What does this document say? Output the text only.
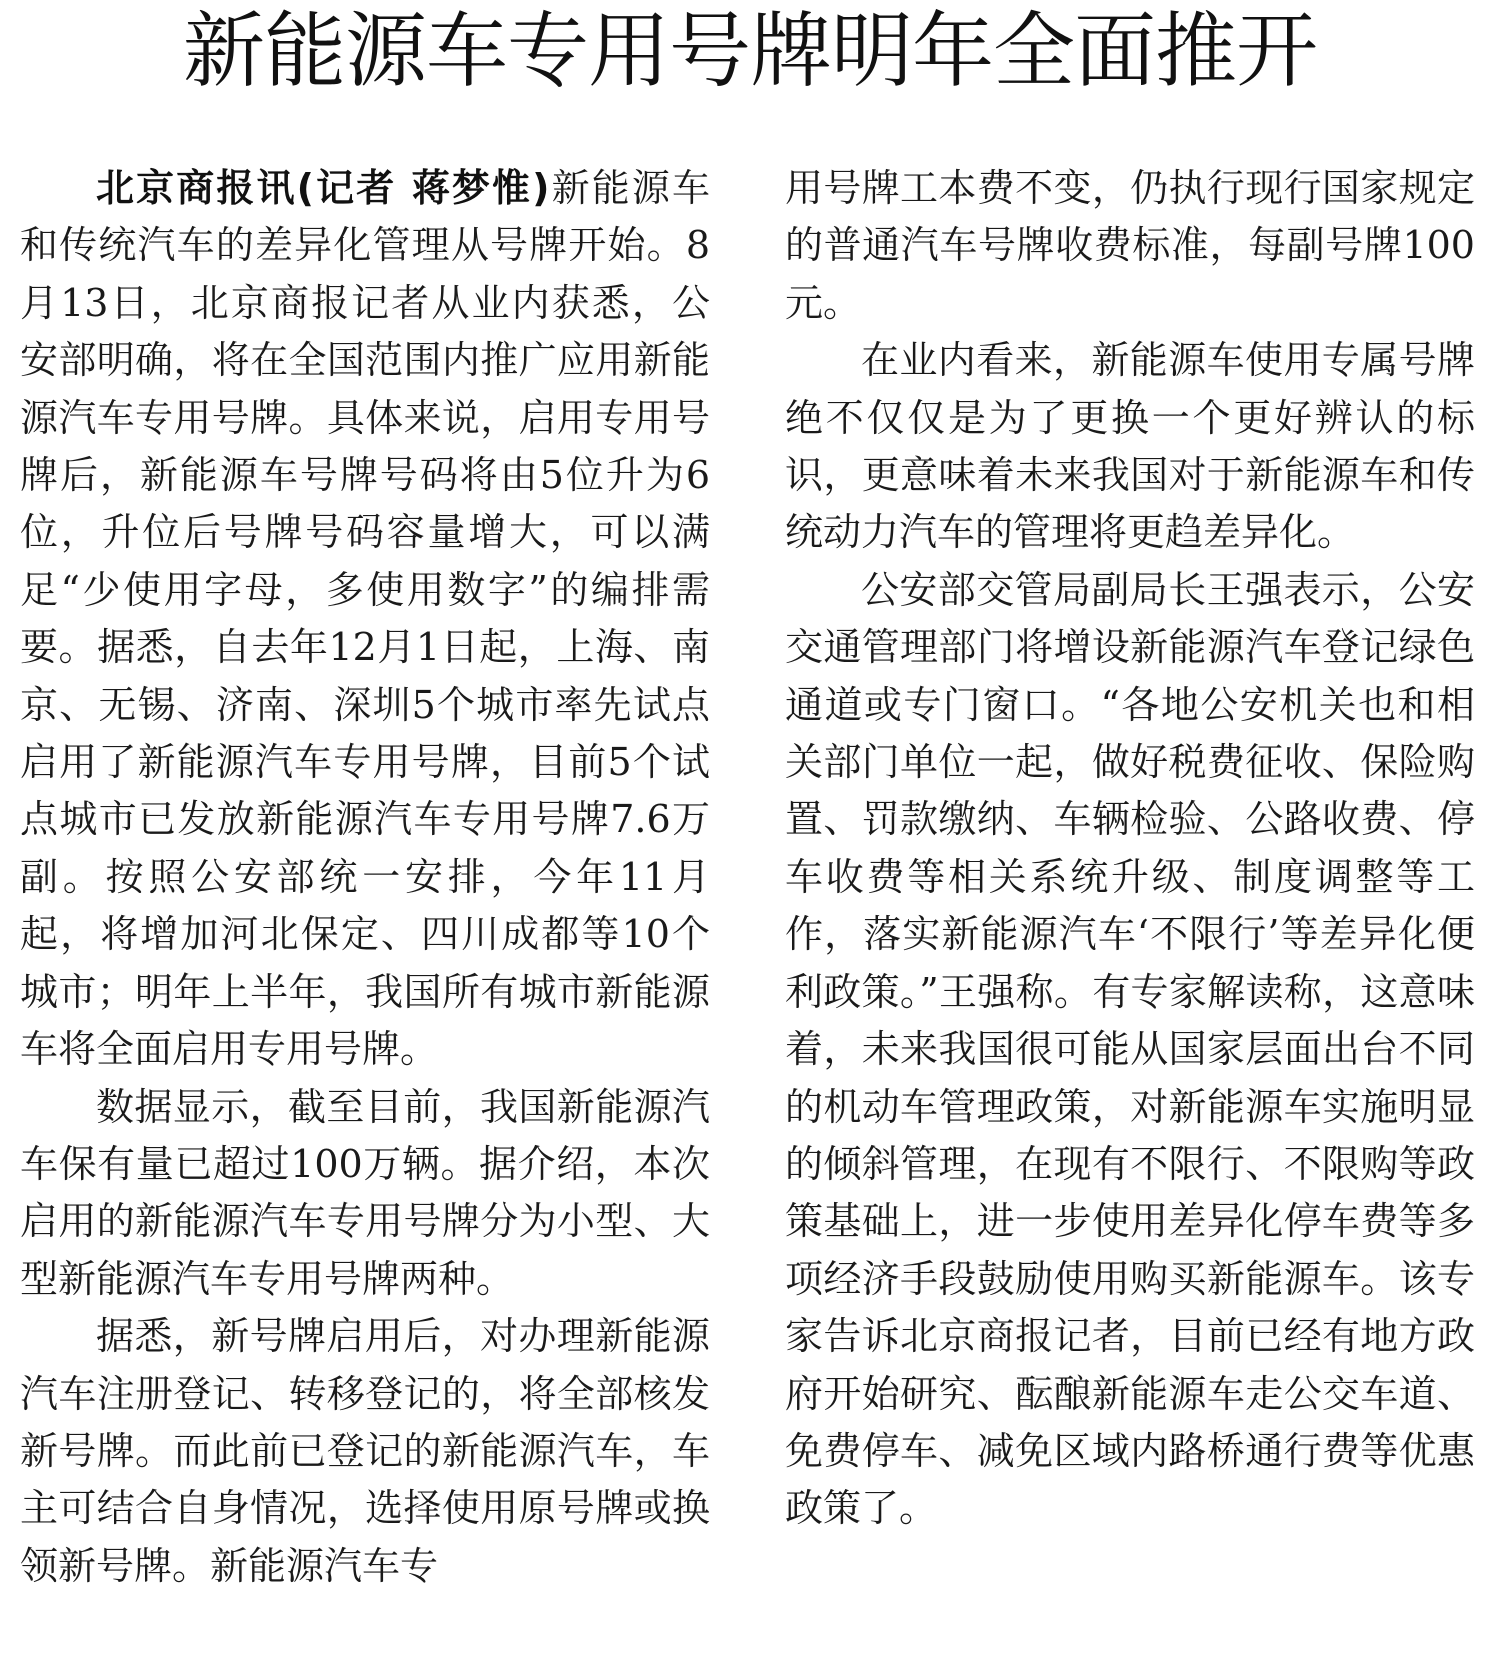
新能源车专用号牌明年全面推开

北京商报讯(记者 蒋梦惟)新能源车和传统汽车的差异化管理从号牌开始。8月13日，北京商报记者从业内获悉，公安部明确，将在全国范围内推广应用新能源汽车专用号牌。具体来说，启用专用号牌后，新能源车号牌号码将由5位升为6位，升位后号牌号码容量增大，可以满足“少使用字母，多使用数字”的编排需要。据悉，自去年12月1日起，上海、南京、无锡、济南、深圳5个城市率先试点启用了新能源汽车专用号牌，目前5个试点城市已发放新能源汽车专用号牌7.6万副。按照公安部统一安排，今年11月起，将增加河北保定、四川成都等10个城市；明年上半年，我国所有城市新能源车将全面启用专用号牌。

数据显示，截至目前，我国新能源汽车保有量已超过100万辆。据介绍，本次启用的新能源汽车专用号牌分为小型、大型新能源汽车专用号牌两种。

据悉，新号牌启用后，对办理新能源汽车注册登记、转移登记的，将全部核发新号牌。而此前已登记的新能源汽车，车主可结合自身情况，选择使用原号牌或换领新号牌。新能源汽车专

用号牌工本费不变，仍执行现行国家规定的普通汽车号牌收费标准，每副号牌100元。

在业内看来，新能源车使用专属号牌绝不仅仅是为了更换一个更好辨认的标识，更意味着未来我国对于新能源车和传统动力汽车的管理将更趋差异化。

公安部交管局副局长王强表示，公安交通管理部门将增设新能源汽车登记绿色通道或专门窗口。“各地公安机关也和相关部门单位一起，做好税费征收、保险购置、罚款缴纳、车辆检验、公路收费、停车收费等相关系统升级、制度调整等工作，落实新能源汽车‘不限行’等差异化便利政策。”王强称。有专家解读称，这意味着，未来我国很可能从国家层面出台不同的机动车管理政策，对新能源车实施明显的倾斜管理，在现有不限行、不限购等政策基础上，进一步使用差异化停车费等多项经济手段鼓励使用购买新能源车。该专家告诉北京商报记者，目前已经有地方政府开始研究、酝酿新能源车走公交车道、免费停车、减免区域内路桥通行费等优惠政策了。
